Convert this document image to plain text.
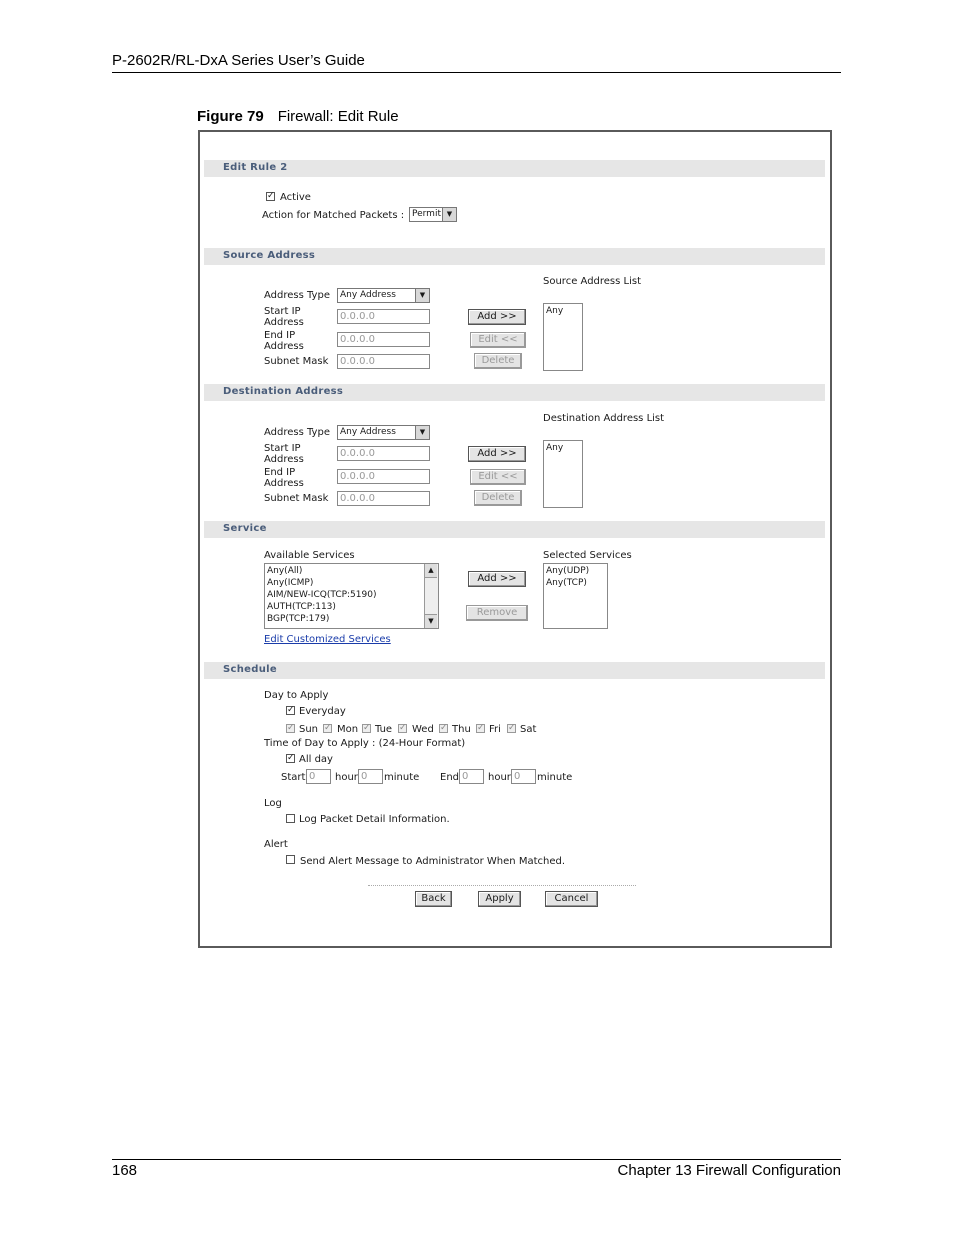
P-2602R/RL-DxA Series User’s Guide
Figure 79 Firewall: Edit Rule
Edit Rule 2
✓ Active
Action for Matched Packets : Permit ▼
Source Address
Source Address List
Address Type	Any Address	▼
Start IP
Address
0.0.0.0
End IP
Address
0.0.0.0
Subnet Mask	0.0.0.0
Add >>
Edit <<
Delete
Any
Destination Address
Destination Address List
Address Type	Any Address	▼
Start IP
Address
0.0.0.0
End IP
Address
0.0.0.0
Subnet Mask	0.0.0.0
Add >>
Edit <<
Delete
Any
Service
Available Services	Selected Services
Any(All)
Any(ICMP)
AIM/NEW-ICQ(TCP:5190)
AUTH(TCP:113)
BGP(TCP:179)
▲
▼
Add >>
Remove
Any(UDP)
Any(TCP)
Edit Customized Services
Schedule
Day to Apply
✓ Everyday
✓ Sun ✓ Mon ✓ Tue ✓ Wed ✓ Thu ✓ Fri ✓ Sat
Time of Day to Apply : (24-Hour Format)
✓ All day
Start 0	hour 0	minute End 0	hour 0	minute
Log
Log Packet Detail Information.
Alert
Send Alert Message to Administrator When Matched.
Back	Apply	Cancel
168	Chapter 13 Firewall Configuration
